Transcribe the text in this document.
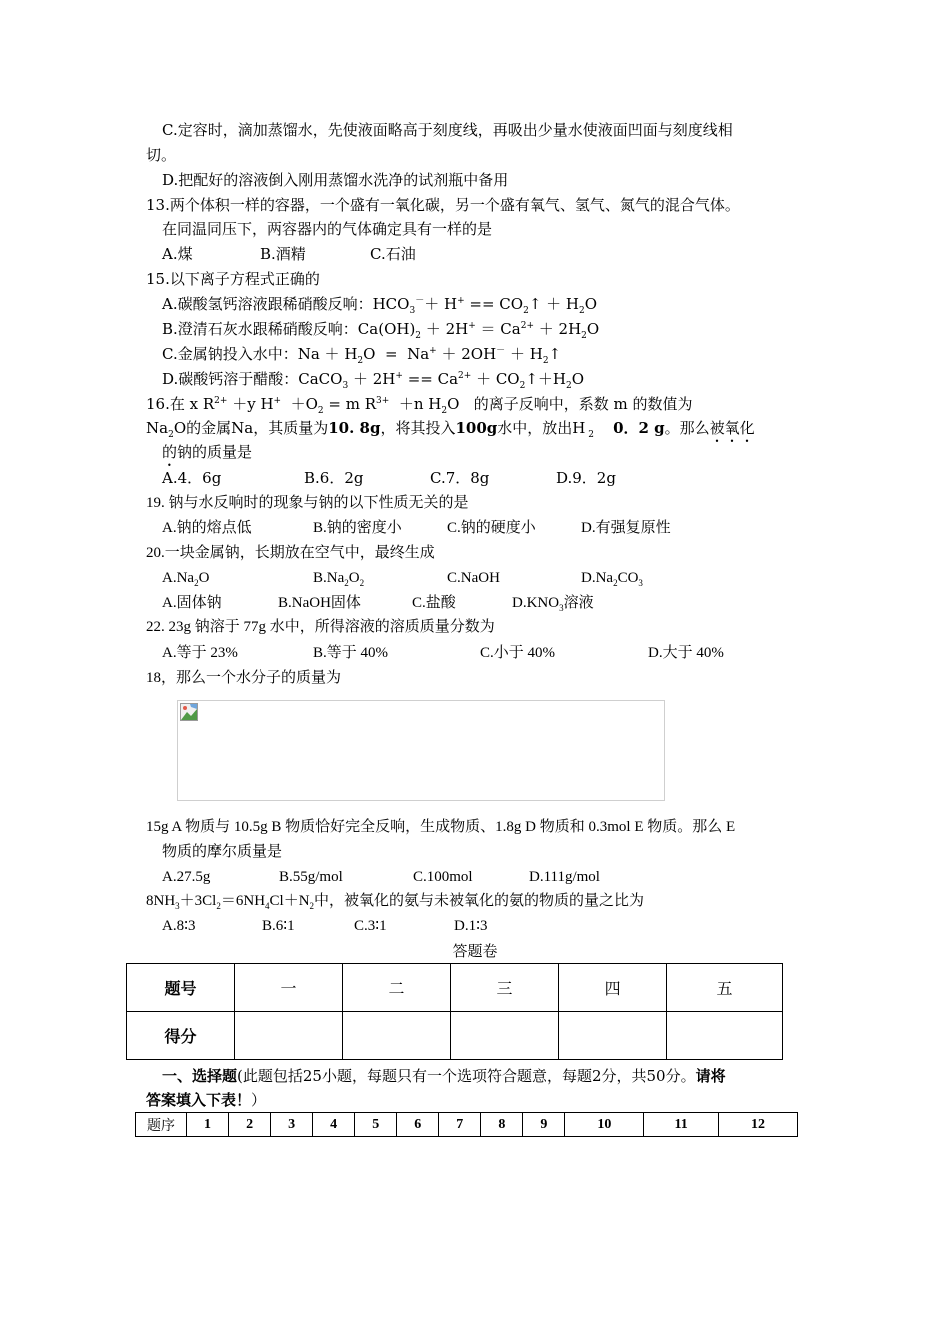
C.定容时，滴加蒸馏水，先使液面略高于刻度线，再吸出少量水使液面凹面与刻度线相
切。
D.把配好的溶液倒入刚用蒸馏水洗净的试剂瓶中备用
13.两个体积一样的容器，一个盛有一氧化碳，另一个盛有氧气、氢气、氮气的混合气体。
在同温同压下，两容器内的气体确定具有一样的是
A.煤	B.酒精	C.石油
15.以下离子方程式正确的
A.碳酸氢钙溶液跟稀硝酸反响：$HCO_3^-+ H^+$ == $CO_2↑ + H_2O$
B.澄清石灰水跟稀硝酸反响：$Ca(OH)_2 + 2H^+ = Ca^{2+} + 2H_2O$
C.金属钠投入水中：$Na + H_2O = Na^+ + 2OH^-$ ＋ $H_2↑$
D.碳酸钙溶于醋酸：CaCO$_3$ ＋ $2H^+ == Ca^{2+}$ ＋ $CO_2↑+H_2O$
16.在 x $R^{2+} +y$ $H^+ +O_2 = m$ $R^{3+} +n$ $H_2O$   的离子反响中，系数 m 的数值为
$Na_2O$的金属Na，其质量为10. 8g，将其投入100g水中，放出H $_2$ 0．2 g。那么被氧化
的钠的质量是
A.4．6g	B.6．2g	C.7．8g	D.9．2g
19. 钠与水反响时的现象与钠的以下性质无关的是
A.钠的熔点低	B.钠的密度小	C.钠的硬度小	D.有强复原性
20.一块金属钠，长期放在空气中，最终生成
$A.Na_2O$	$B.Na_2O_2$	C.NaOH	$D.Na_2CO_3$
A.固体钠	B.NaOH固体	C.盐酸	$D.KNO_3$溶液
22. 23g 钠溶于 77g 水中，所得溶液的溶质质量分数为
A.等于 23%	B.等于 40%	C.小于 40%	D.大于 40%
18，那么一个水分子的质量为
15g A 物质与 10.5g B 物质恰好完全反响，生成物质、1.8g D 物质和 0.3mol E 物质。那么 E
物质的摩尔质量是
A.27.5g	B.55g/mol	C.100mol	D.111g/mol
$8NH_3+3Cl_2=6NH_4Cl+N_2$中，被氧化的氨与未被氧化的氨的物质的量之比为
A.8∶3	B.6∶1	C.3∶1	D.1∶3
答题卷
题号	一	二	三	四	五
得分					
一、选择题(此题包括25小题，每题只有一个选项符合题意，每题2分，共50分。请将
答案填入下表！）
题序	1	2	3	4	5	6	7	8	9	10	11	12
